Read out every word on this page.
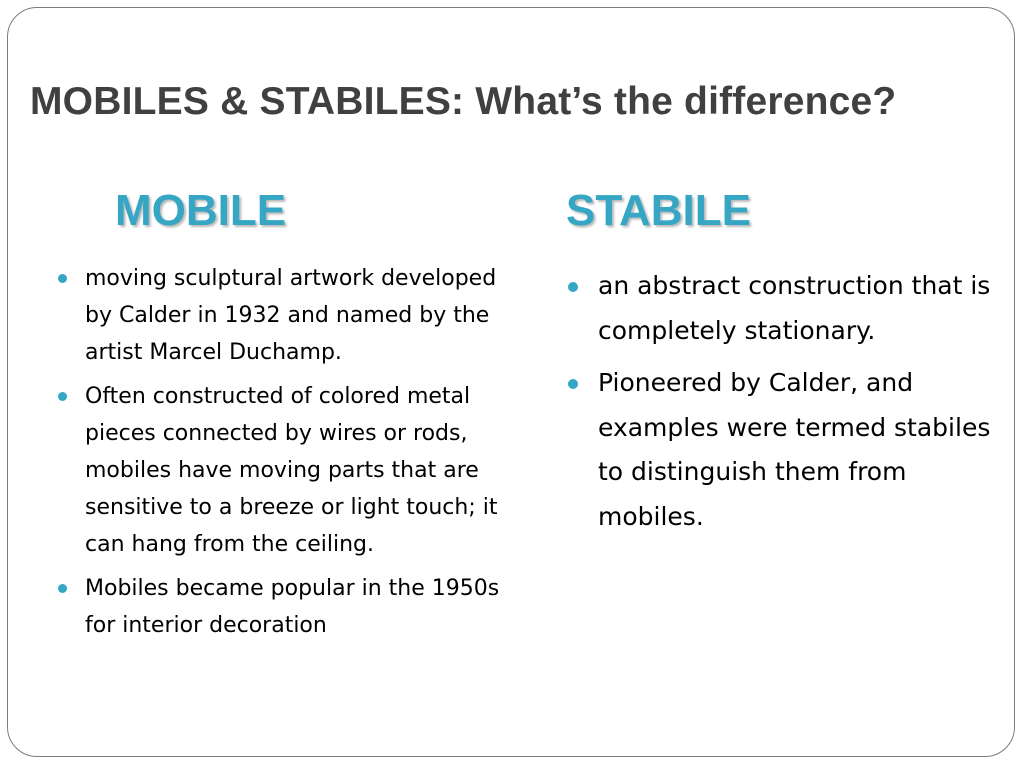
MOBILES & STABILES: What’s the difference?
MOBILE	STABILE
moving sculptural artwork developed by Calder in 1932 and named by the artist Marcel Duchamp.
Often constructed of colored metal pieces connected by wires or rods, mobiles have moving parts that are sensitive to a breeze or light touch; it can hang from the ceiling.
Mobiles became popular in the 1950s for interior decoration
an abstract construction that is completely stationary.
Pioneered by Calder, and examples were termed stabiles to distinguish them from mobiles.
